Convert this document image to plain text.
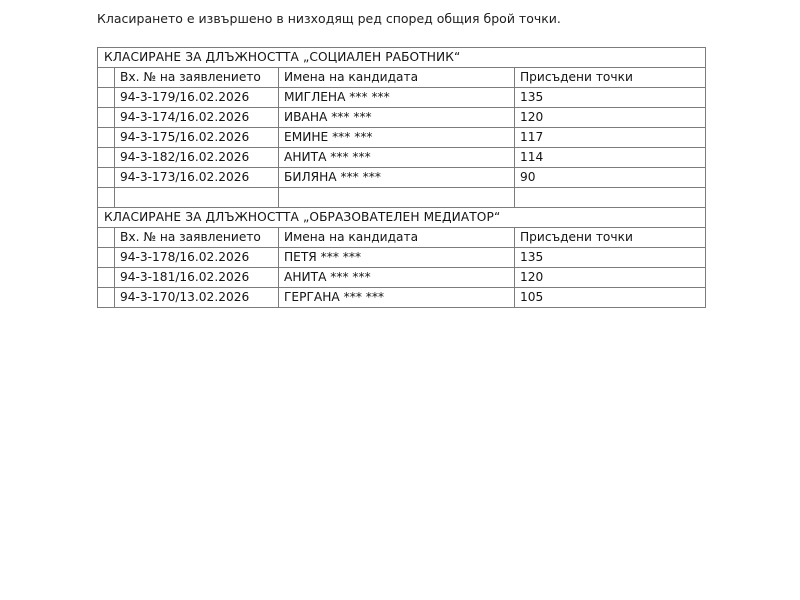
Класирането е извършено в низходящ ред според общия брой точки.
КЛАСИРАНЕ ЗА ДЛЪЖНОСТТА „СОЦИАЛЕН РАБОТНИК“			
	Вх. № на заявлението	Имена на кандидата	Присъдени точки
	94-3-179/16.02.2026	МИГЛЕНА *** ***	135
	94-3-174/16.02.2026	ИВАНА *** ***	120
	94-3-175/16.02.2026	ЕМИНЕ *** ***	117
	94-3-182/16.02.2026	АНИТА *** ***	114
	94-3-173/16.02.2026	БИЛЯНА *** ***	90

КЛАСИРАНЕ ЗА ДЛЪЖНОСТТА „ОБРАЗОВАТЕЛЕН МЕДИАТОР“			
	Вх. № на заявлението	Имена на кандидата	Присъдени точки
	94-3-178/16.02.2026	ПЕТЯ *** ***	135
	94-3-181/16.02.2026	АНИТА *** ***	120
	94-3-170/13.02.2026	ГЕРГАНА *** ***	105
